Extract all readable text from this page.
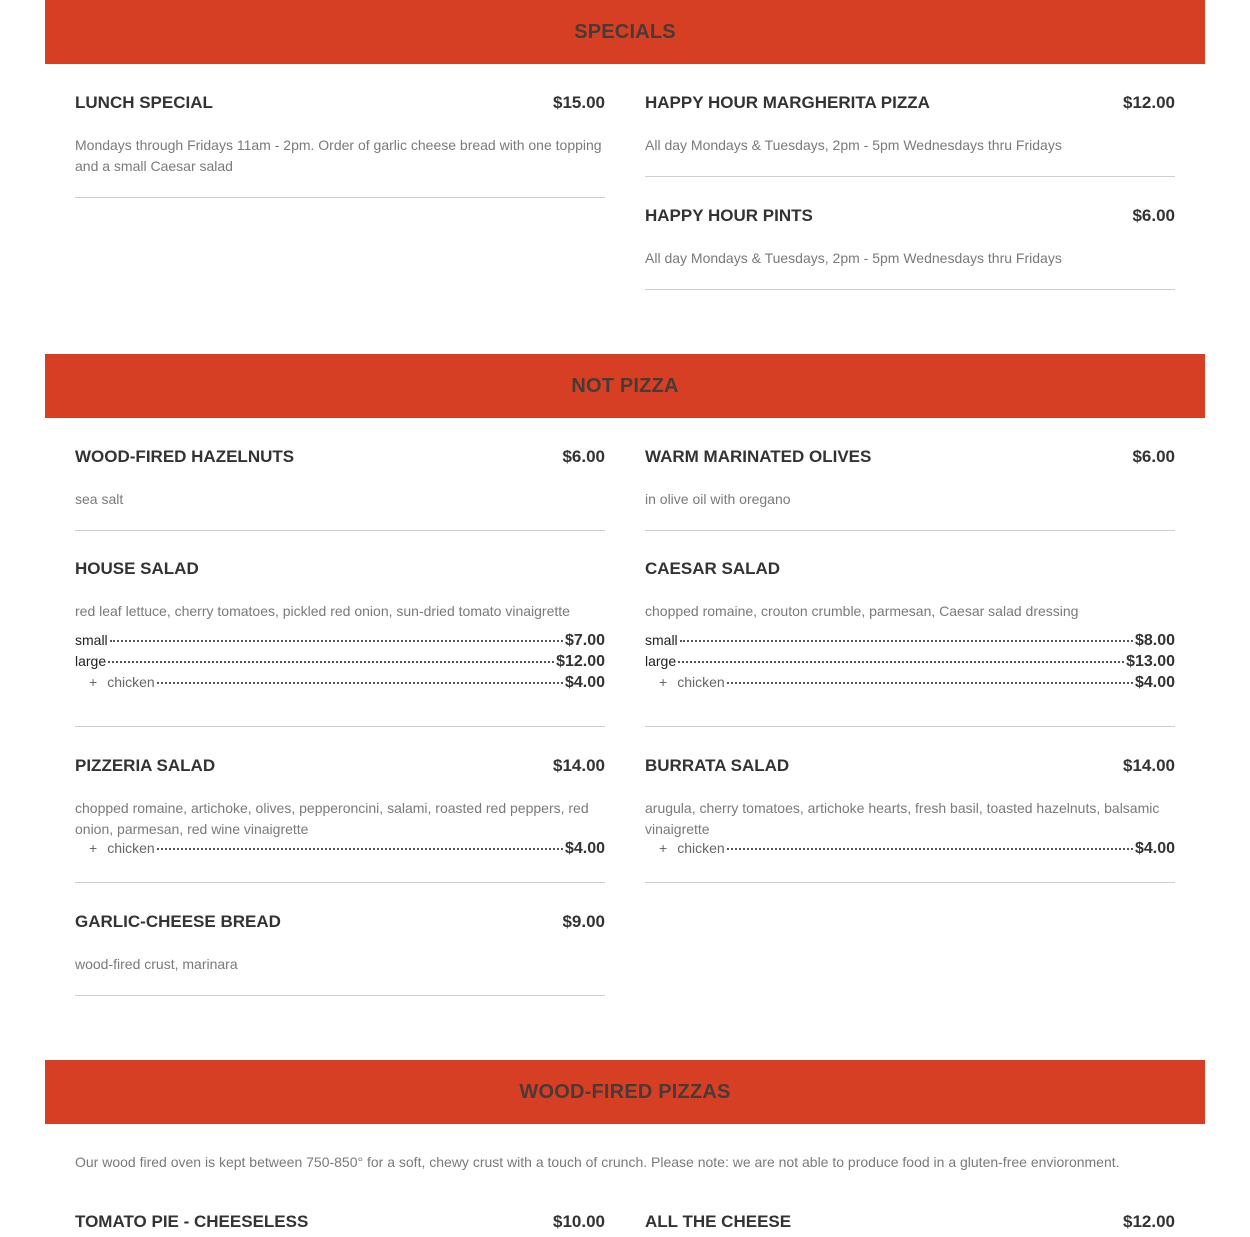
SPECIALS
LUNCH SPECIAL	$15.00
Mondays through Fridays 11am - 2pm. Order of garlic cheese bread with one topping and a small Caesar salad
HAPPY HOUR MARGHERITA PIZZA	$12.00
All day Mondays & Tuesdays, 2pm - 5pm Wednesdays thru Fridays
HAPPY HOUR PINTS	$6.00
All day Mondays & Tuesdays, 2pm - 5pm Wednesdays thru Fridays
NOT PIZZA
WOOD-FIRED HAZELNUTS	$6.00
sea salt
WARM MARINATED OLIVES	$6.00
in olive oil with oregano
HOUSE SALAD
red leaf lettuce, cherry tomatoes, pickled red onion, sun-dried tomato vinaigrette
small	$7.00
large	$12.00
+ chicken	$4.00
CAESAR SALAD
chopped romaine, crouton crumble, parmesan, Caesar salad dressing
small	$8.00
large	$13.00
+ chicken	$4.00
PIZZERIA SALAD	$14.00
chopped romaine, artichoke, olives, pepperoncini, salami, roasted red peppers, red onion, parmesan, red wine vinaigrette
+ chicken	$4.00
BURRATA SALAD	$14.00
arugula, cherry tomatoes, artichoke hearts, fresh basil, toasted hazelnuts, balsamic vinaigrette
+ chicken	$4.00
GARLIC-CHEESE BREAD	$9.00
wood-fired crust, marinara
WOOD-FIRED PIZZAS
Our wood fired oven is kept between 750-850° for a soft, chewy crust with a touch of crunch. Please note: we are not able to produce food in a gluten-free envioronment.
TOMATO PIE - CHEESELESS	$10.00 ALL THE CHEESE	$12.00
